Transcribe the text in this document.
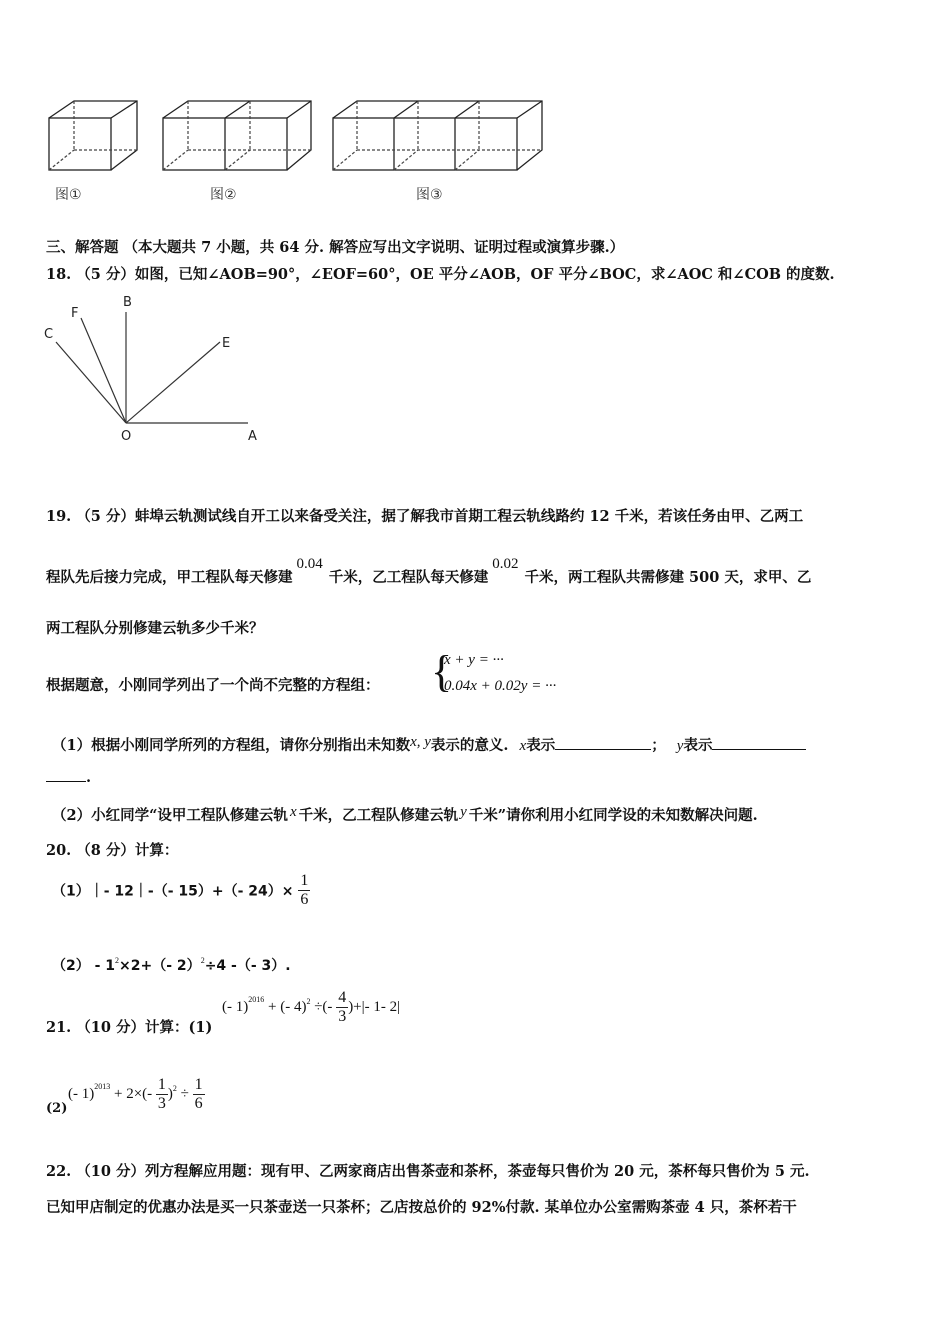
图①	图②	图③
三、解答题 （本大题共 7 小题，共 64 分. 解答应写出文字说明、证明过程或演算步骤.）
18. （5 分）如图，已知∠AOB=90°，∠EOF=60°，OE 平分∠AOB，OF 平分∠BOC，求∠AOC 和∠COB 的度数.
C
F
B
E
O	A
19. （5 分）蚌埠云轨测试线自开工以来备受关注，据了解我市首期工程云轨线路约 12 千米，若该任务由甲、乙两工
程队先后接力完成，甲工程队每天修建0.04千米，乙工程队每天修建0.02千米，两工程队共需修建 500 天，求甲、乙
两工程队分别修建云轨多少千米？
根据题意，小刚同学列出了一个尚不完整的方程组： {
x + y = ···
0.04x + 0.02y = ···
（1）根据小刚同学所列的方程组，请你分别指出未知数x, y表示的意义. x表示	； y表示
.
（2）小红同学“设甲工程队修建云轨 x 千米，乙工程队修建云轨 y 千米”请你利用小红同学设的未知数解决问题.
20. （8 分）计算：
（1）｜- 12｜-（- 15）+（- $24)\times \frac{1}{6}$
$(2) - 1^2\times 2+(-$ 2）$^2$÷4 -（- 3）.
21. （10 分）计算：(1)
(- 1)$^{2016}$ + (- 4)$^2$ ÷(- $\frac{4}{3}$ )+|- 1- 2|
(2)
(- $1)^{2013} + 2\times(- \frac{1}{3} )^2 \div \frac{1}{6}$
22. （10 分）列方程解应用题：现有甲、乙两家商店出售茶壶和茶杯，茶壶每只售价为 20 元，茶杯每只售价为 5 元.
已知甲店制定的优惠办法是买一只茶壶送一只茶杯；乙店按总价的 92%付款. 某单位办公室需购茶壶 4 只，茶杯若干
